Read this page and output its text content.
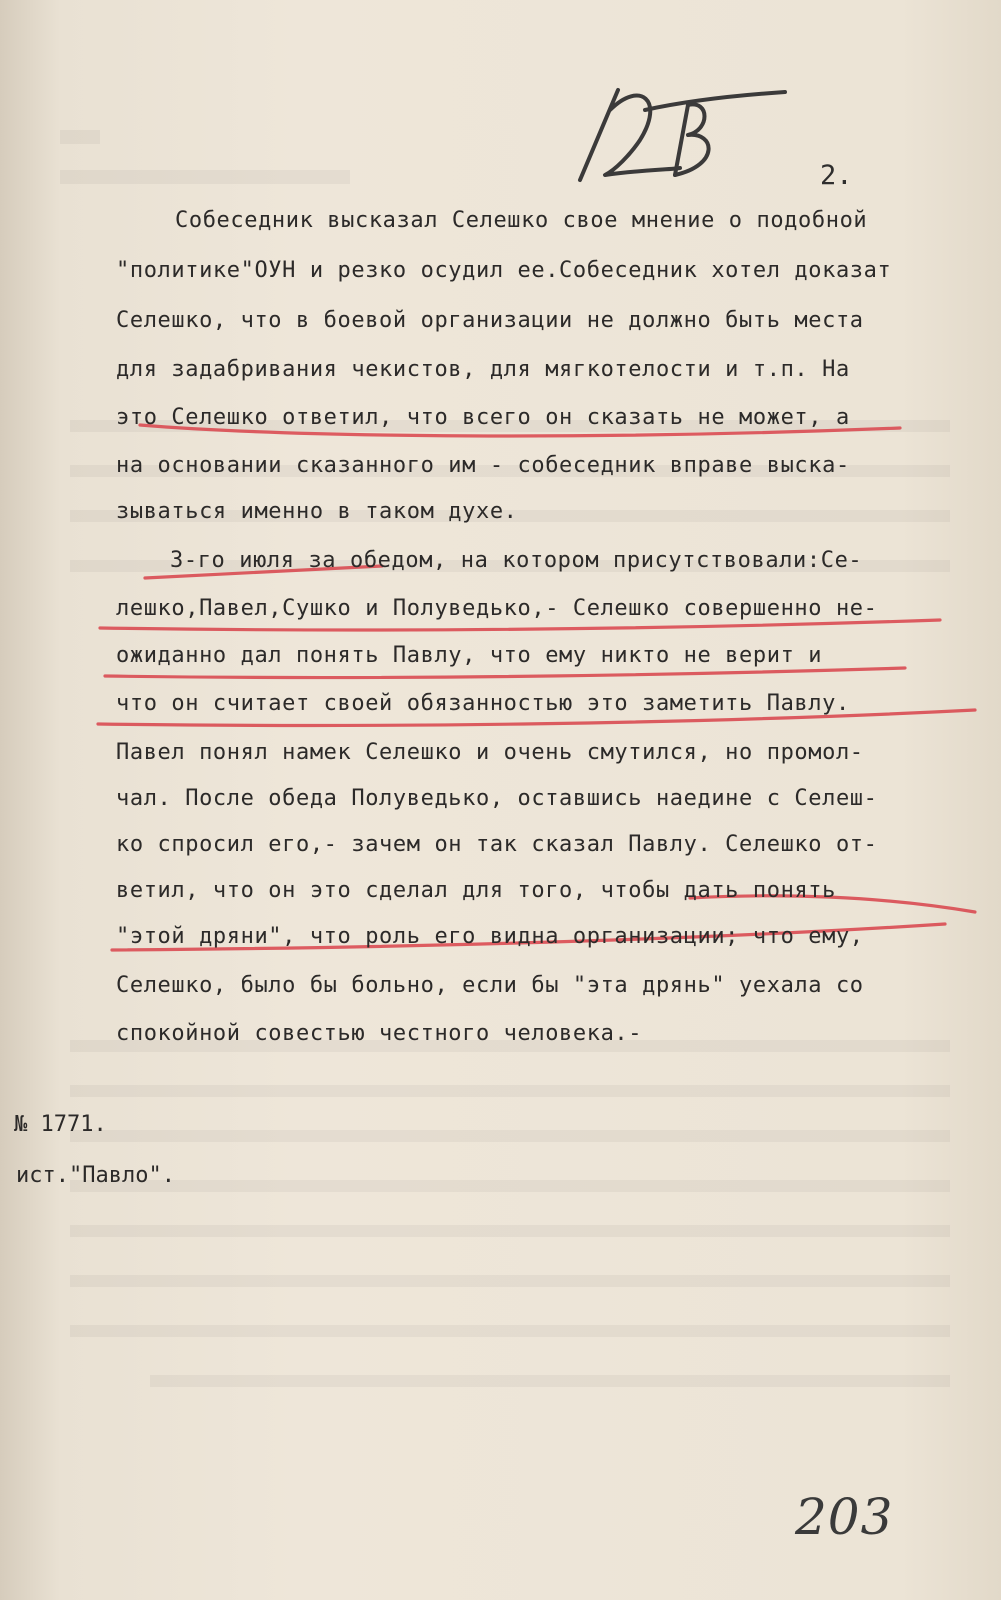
2.
Собеседник высказал Селешко свое мнение о подобной
"политике"ОУН и резко осудил ее.Собеседник хотел доказат
Селешко, что в боевой организации не должно быть места
для задабривания чекистов, для мягкотелости и т.п. На
это Селешко ответил, что всего он сказать не может, а
на основании сказанного им - собеседник вправе выска-
зываться именно в таком духе.
3-го июля за обедом, на котором присутствовали:Се-
лешко,Павел,Сушко и Полуведько,- Селешко совершенно не-
ожиданно дал понять Павлу, что ему никто не верит и
что он считает своей обязанностью это заметить Павлу.
Павел понял намек Селешко и очень смутился, но промол-
чал. После обеда Полуведько, оставшись наедине с Селеш-
ко спросил его,- зачем он так сказал Павлу. Селешко от-
ветил, что он это сделал для того, чтобы дать понять
"этой дряни", что роль его видна организации; что ему,
Селешко, было бы больно, если бы "эта дрянь" уехала со
спокойной совестью честного человека.-
№ 1771.
ист."Павло".
203
